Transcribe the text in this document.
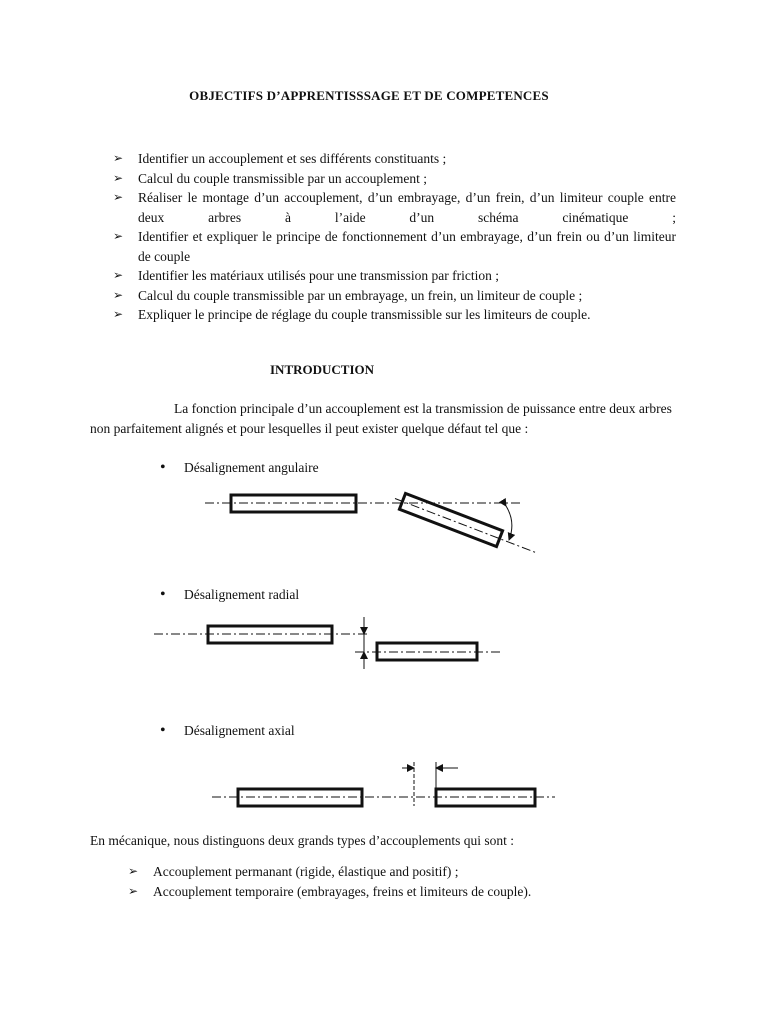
OBJECTIFS D’APPRENTISSSAGE ET DE COMPETENCES
➢ Identifier un accouplement et ses différents constituants ;
➢ Calcul du couple transmissible par un accouplement ;
➢ Réaliser le montage d’un accouplement, d’un embrayage, d’un frein, d’un limiteur couple entre deux arbres à l’aide d’un schéma cinématique ;
➢ Identifier et expliquer le principe de fonctionnement d’un embrayage, d’un frein ou d’un limiteur de couple
➢ Identifier les matériaux utilisés pour une transmission par friction ;
➢ Calcul du couple transmissible par un embrayage, un frein, un limiteur de couple ;
➢ Expliquer le principe de réglage du couple transmissible sur les limiteurs de couple.
INTRODUCTION
La fonction principale d’un accouplement est la transmission de puissance entre deux arbres non parfaitement alignés et pour lesquelles il peut exister quelque défaut tel que :
• Désalignement angulaire
• Désalignement radial
• Désalignement axial
En mécanique, nous distinguons deux grands types d’accouplements qui sont :
➢ Accouplement permanant (rigide, élastique and positif) ;
➢ Accouplement temporaire (embrayages, freins et limiteurs de couple).
